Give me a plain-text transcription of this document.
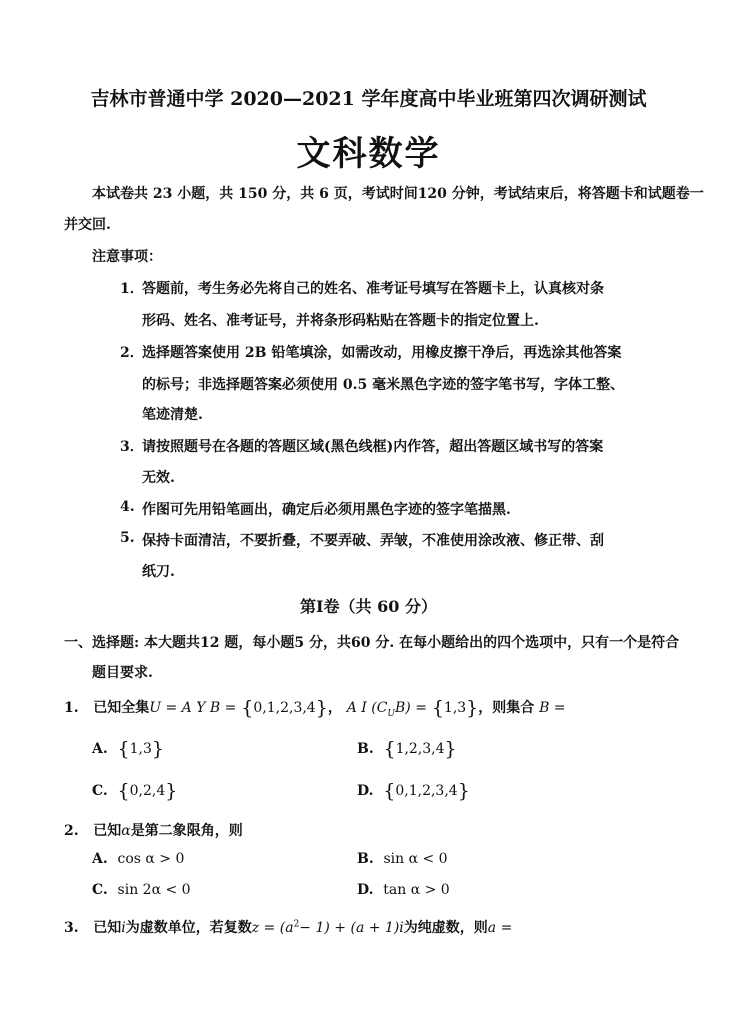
吉林市普通中学 2020—2021 学年度高中毕业班第四次调研测试
文科数学
本试卷共 23 小题，共 150 分，共 6 页，考试时间120 分钟，考试结束后，将答题卡和试题卷一
并交回.
注意事项：
1．
答题前，考生务必先将自己的姓名、准考证号填写在答题卡上，认真核对条
形码、姓名、准考证号，并将条形码粘贴在答题卡的指定位置上.
2．
选择题答案使用 2B 铅笔填涂，如需改动，用橡皮擦干净后，再选涂其他答案
的标号；非选择题答案必须使用 0.5 毫米黑色字迹的签字笔书写，字体工整、
笔迹清楚.
3．
请按照题号在各题的答题区域(黑色线框)内作答，超出答题区域书写的答案
无效.
4. 作图可先用铅笔画出，确定后必须用黑色字迹的签字笔描黑.
5. 保持卡面清洁，不要折叠，不要弄破、弄皱，不准使用涂改液、修正带、刮
纸刀.
第Ⅰ卷（共 60 分）
一、选择题: 本大题共12 题，每小题5 分，共60 分. 在每小题给出的四个选项中，只有一个是符合
题目要求.
1. 已知全集U = A Y B = {0,1,2,3,4}， A I $(C_UB) = \{1,3\}$，则集合 B =
A. {1,3}	B. {1,2,3,4}
C. {0,2,4}	D. {0,1,2,3,4}
2. 已知α是第二象限角，则
A. cos α > 0	B. sin α < 0
C. sin 2α < 0	D. tan α > 0
3. 已知i为虚数单位，若复数$z = (a^2- 1) + (a + 1)i$为纯虚数，则a =
